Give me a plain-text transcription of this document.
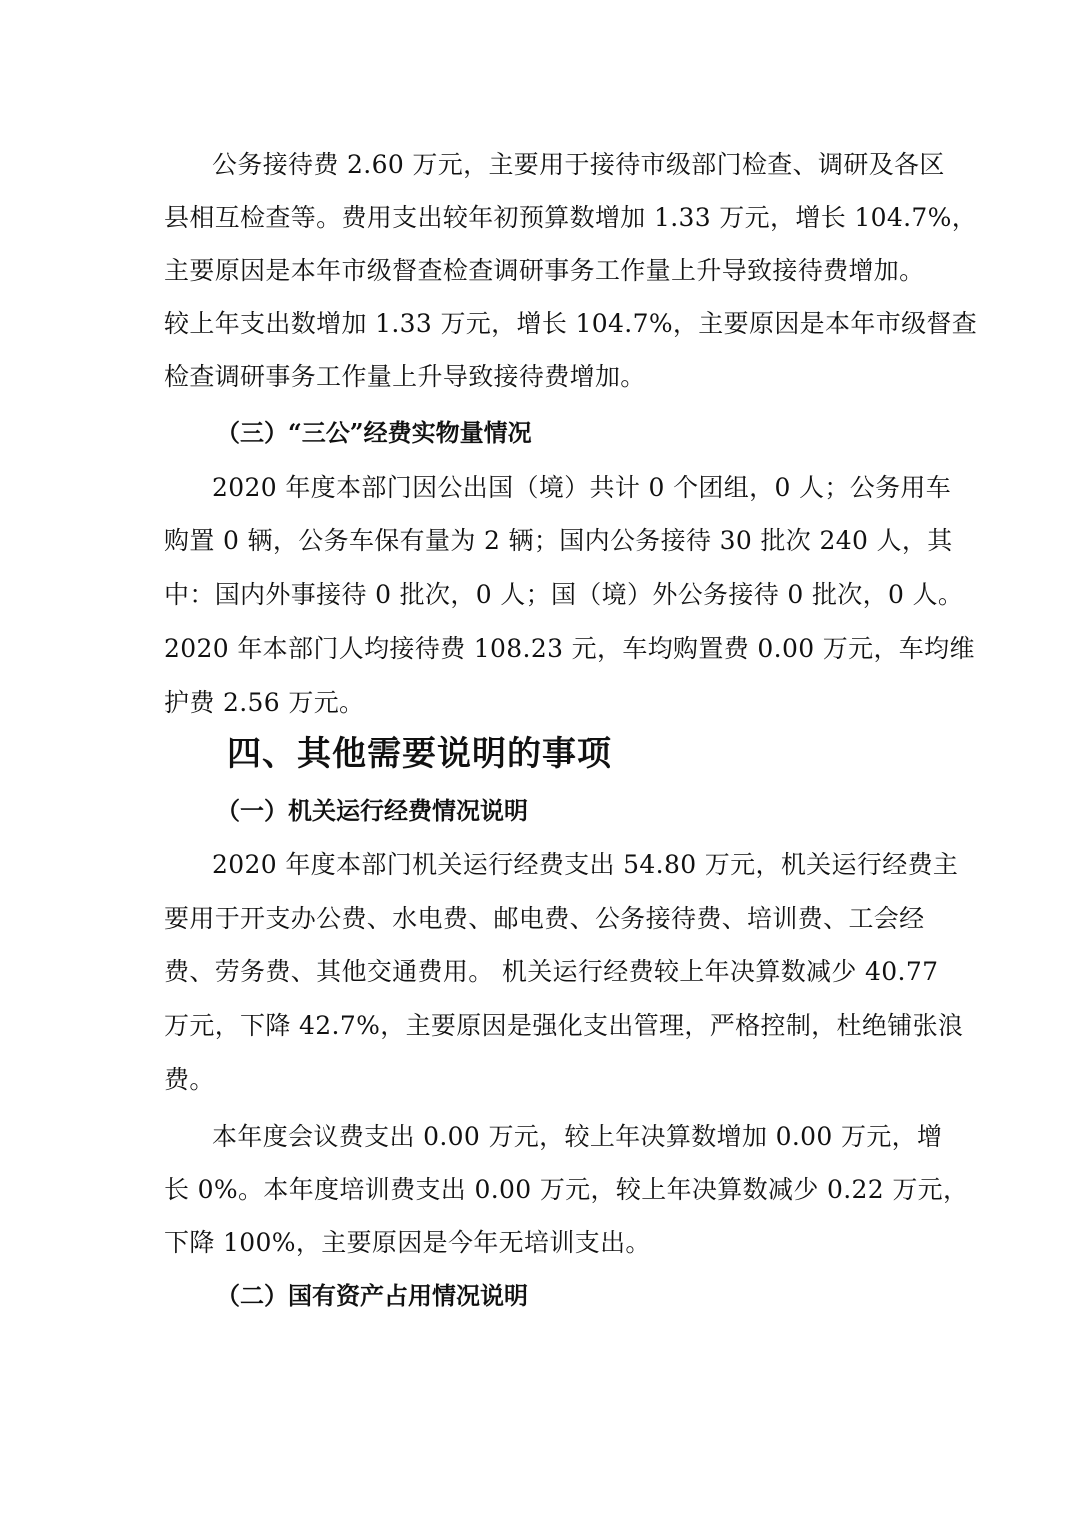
公务接待费 2.60 万元，主要用于接待市级部门检查、调研及各区
县相互检查等。费用支出较年初预算数增加 1.33 万元，增长 104.7%，
主要原因是本年市级督查检查调研事务工作量上升导致接待费增加。
较上年支出数增加 1.33 万元，增长 104.7%，主要原因是本年市级督查
检查调研事务工作量上升导致接待费增加。
（三）“三公”经费实物量情况
2020 年度本部门因公出国（境）共计 0 个团组，0 人；公务用车
购置 0 辆，公务车保有量为 2 辆；国内公务接待 30 批次 240 人，其
中：国内外事接待 0 批次，0 人；国（境）外公务接待 0 批次，0 人。
2020 年本部门人均接待费 108.23 元，车均购置费 0.00 万元，车均维
护费 2.56 万元。
四、其他需要说明的事项
（一）机关运行经费情况说明
2020 年度本部门机关运行经费支出 54.80 万元，机关运行经费主
要用于开支办公费、水电费、邮电费、公务接待费、培训费、工会经
费、劳务费、其他交通费用。 机关运行经费较上年决算数减少 40.77
万元，下降 42.7%，主要原因是强化支出管理，严格控制，杜绝铺张浪
费。
本年度会议费支出 0.00 万元，较上年决算数增加 0.00 万元，增
长 0%。本年度培训费支出 0.00 万元，较上年决算数减少 0.22 万元，
下降 100%，主要原因是今年无培训支出。
（二）国有资产占用情况说明
